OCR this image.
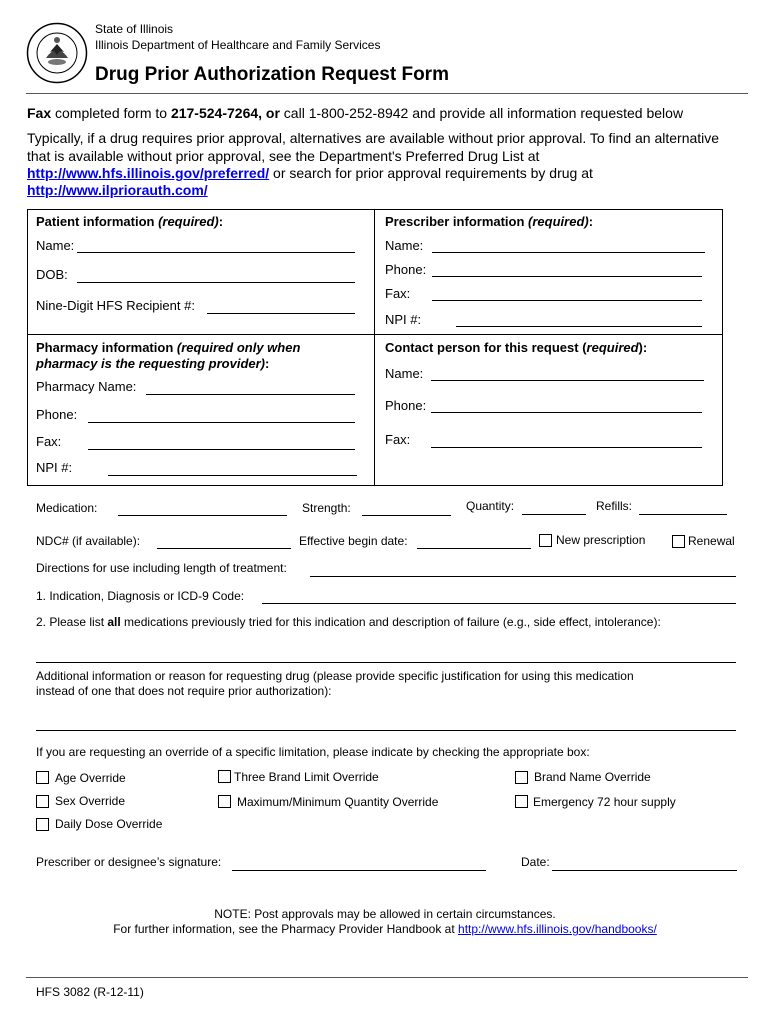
State of Illinois
Illinois Department of Healthcare and Family Services
Drug Prior Authorization Request Form
Fax completed form to 217-524-7264, or call 1-800-252-8942 and provide all information requested below
Typically, if a drug requires prior approval, alternatives are available without prior approval. To find an alternative
that is available without prior approval, see the Department's Preferred Drug List at
http://www.hfs.illinois.gov/preferred/ or search for prior approval requirements by drug at
http://www.ilpriorauth.com/
Patient information (required):
Name:
DOB:
Nine-Digit HFS Recipient #:
Prescriber information (required):
Name:
Phone:
Fax:
NPI #:
Pharmacy information (required only when
pharmacy is the requesting provider):
Pharmacy Name:
Phone:
Fax:
NPI #:
Contact person for this request (required):
Name:
Phone:
Fax:
Medication:	Strength:	Quantity:	Refills:
NDC# (if available):	Effective begin date:	New prescription	Renewal
Directions for use including length of treatment:
1. Indication, Diagnosis or ICD-9 Code:
2. Please list all medications previously tried for this indication and description of failure (e.g., side effect, intolerance):
Additional information or reason for requesting drug (please provide specific justification for using this medication
instead of one that does not require prior authorization):
If you are requesting an override of a specific limitation, please indicate by checking the appropriate box:
Age Override	Three Brand Limit Override	Brand Name Override
Sex Override	Maximum/Minimum Quantity Override	Emergency 72 hour supply
Daily Dose Override
Prescriber or designee’s signature:	Date:
NOTE: Post approvals may be allowed in certain circumstances.
For further information, see the Pharmacy Provider Handbook at http://www.hfs.illinois.gov/handbooks/
HFS 3082 (R-12-11)
